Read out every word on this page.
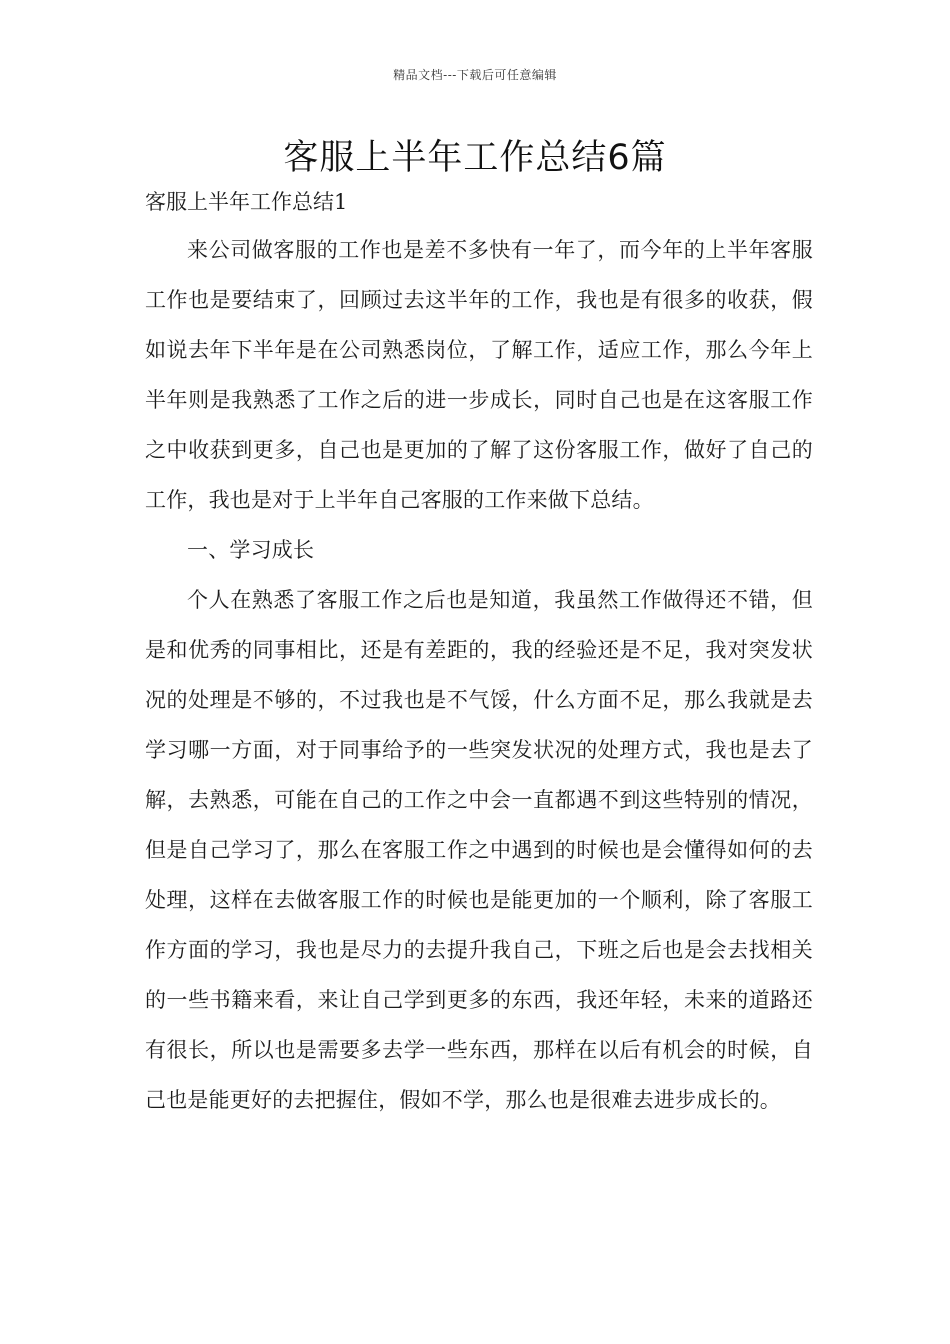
精品文档---下载后可任意编辑
客服上半年工作总结6篇
客服上半年工作总结1

来公司做客服的工作也是差不多快有一年了，而今年的上半年客服工作也是要结束了，回顾过去这半年的工作，我也是有很多的收获，假如说去年下半年是在公司熟悉岗位，了解工作，适应工作，那么今年上半年则是我熟悉了工作之后的进一步成长，同时自己也是在这客服工作之中收获到更多，自己也是更加的了解了这份客服工作，做好了自己的工作，我也是对于上半年自己客服的工作来做下总结。

一、学习成长

个人在熟悉了客服工作之后也是知道，我虽然工作做得还不错，但是和优秀的同事相比，还是有差距的，我的经验还是不足，我对突发状况的处理是不够的，不过我也是不气馁，什么方面不足，那么我就是去学习哪一方面，对于同事给予的一些突发状况的处理方式，我也是去了解，去熟悉，可能在自己的工作之中会一直都遇不到这些特别的情况，但是自己学习了，那么在客服工作之中遇到的时候也是会懂得如何的去处理，这样在去做客服工作的时候也是能更加的一个顺利，除了客服工作方面的学习，我也是尽力的去提升我自己，下班之后也是会去找相关的一些书籍来看，来让自己学到更多的东西，我还年轻，未来的道路还有很长，所以也是需要多去学一些东西，那样在以后有机会的时候，自己也是能更好的去把握住，假如不学，那么也是很难去进步成长的。
